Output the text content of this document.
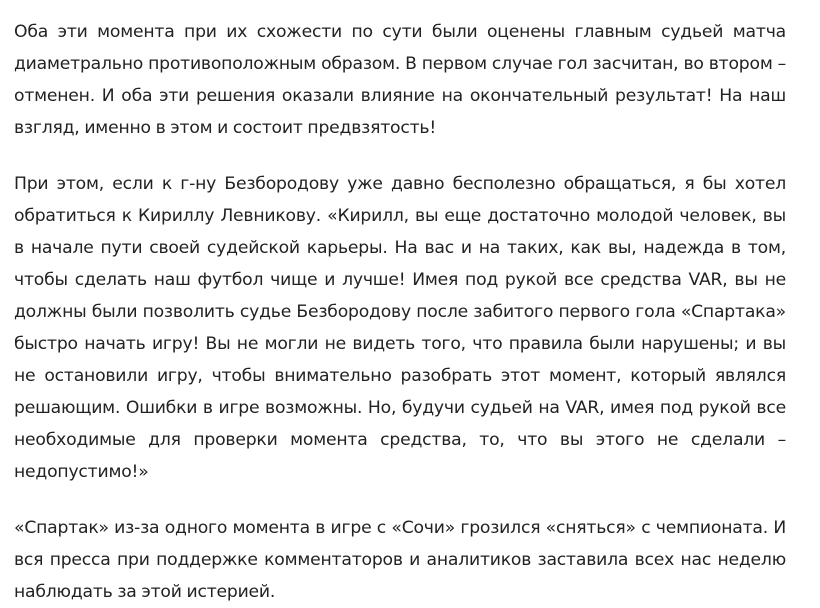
Оба эти момента при их схожести по сути были оценены главным судьей матча диаметрально противоположным образом. В первом случае гол засчитан, во втором – отменен. И оба эти решения оказали влияние на окончательный результат! На наш взгляд, именно в этом и состоит предвзятость!

При этом, если к г-ну Безбородову уже давно бесполезно обращаться, я бы хотел обратиться к Кириллу Левникову. «Кирилл, вы еще достаточно молодой человек, вы в начале пути своей судейской карьеры. На вас и на таких, как вы, надежда в том, чтобы сделать наш футбол чище и лучше! Имея под рукой все средства VAR, вы не должны были позволить судье Безбородову после забитого первого гола «Спартака» быстро начать игру! Вы не могли не видеть того, что правила были нарушены; и вы не остановили игру, чтобы внимательно разобрать этот момент, который являлся решающим. Ошибки в игре возможны. Но, будучи судьей на VAR, имея под рукой все необходимые для проверки момента средства, то, что вы этого не сделали – недопустимо!»

«Спартак» из-за одного момента в игре с «Сочи» грозился «сняться» с чемпионата. И вся пресса при поддержке комментаторов и аналитиков заставила всех нас неделю наблюдать за этой истерией.
